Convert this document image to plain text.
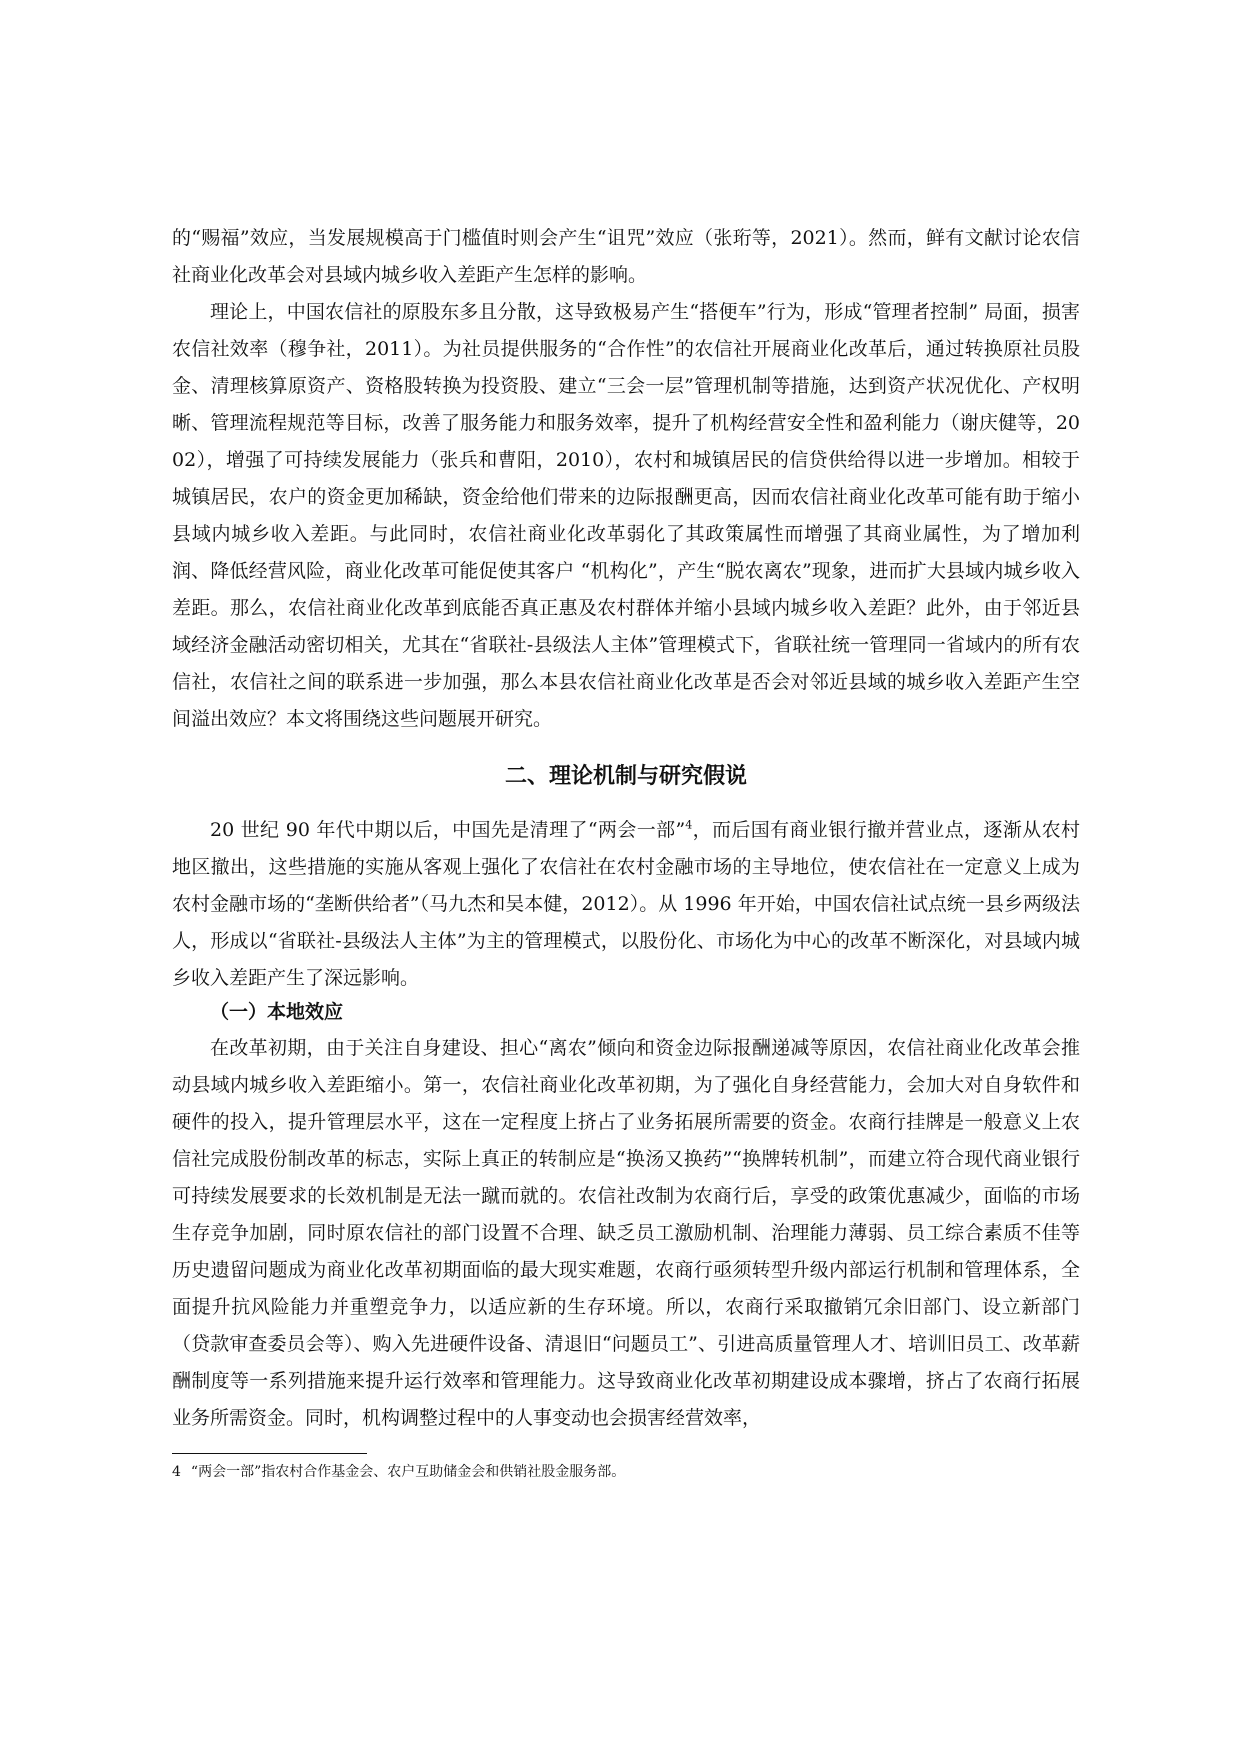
的“赐福”效应，当发展规模高于门槛值时则会产生“诅咒”效应（张珩等，2021）。然而，鲜有文献讨论农信社商业化改革会对县域内城乡收入差距产生怎样的影响。

理论上，中国农信社的原股东多且分散，这导致极易产生“搭便车”行为，形成“管理者控制” 局面，损害农信社效率（穆争社，2011）。为社员提供服务的“合作性”的农信社开展商业化改革后，通过转换原社员股金、清理核算原资产、资格股转换为投资股、建立“三会一层”管理机制等措施，达到资产状况优化、产权明晰、管理流程规范等目标，改善了服务能力和服务效率，提升了机构经营安全性和盈利能力（谢庆健等，2002），增强了可持续发展能力（张兵和曹阳，2010），农村和城镇居民的信贷供给得以进一步增加。相较于城镇居民，农户的资金更加稀缺，资金给他们带来的边际报酬更高，因而农信社商业化改革可能有助于缩小县域内城乡收入差距。与此同时，农信社商业化改革弱化了其政策属性而增强了其商业属性，为了增加利润、降低经营风险，商业化改革可能促使其客户 “机构化”，产生“脱农离农”现象，进而扩大县域内城乡收入差距。那么，农信社商业化改革到底能否真正惠及农村群体并缩小县域内城乡收入差距？此外，由于邻近县域经济金融活动密切相关，尤其在“省联社-县级法人主体”管理模式下，省联社统一管理同一省域内的所有农信社，农信社之间的联系进一步加强，那么本县农信社商业化改革是否会对邻近县域的城乡收入差距产生空间溢出效应？本文将围绕这些问题展开研究。

二、理论机制与研究假说

20 世纪 90 年代中期以后，中国先是清理了“两会一部”$^4$，而后国有商业银行撤并营业点，逐渐从农村地区撤出，这些措施的实施从客观上强化了农信社在农村金融市场的主导地位，使农信社在一定意义上成为农村金融市场的“垄断供给者”（马九杰和吴本健，2012）。从 1996 年开始，中国农信社试点统一县乡两级法人，形成以“省联社-县级法人主体”为主的管理模式，以股份化、市场化为中心的改革不断深化，对县域内城乡收入差距产生了深远影响。

（一）本地效应

在改革初期，由于关注自身建设、担心“离农”倾向和资金边际报酬递减等原因，农信社商业化改革会推动县域内城乡收入差距缩小。第一，农信社商业化改革初期，为了强化自身经营能力，会加大对自身软件和硬件的投入，提升管理层水平，这在一定程度上挤占了业务拓展所需要的资金。农商行挂牌是一般意义上农信社完成股份制改革的标志，实际上真正的转制应是“换汤又换药”“换牌转机制”，而建立符合现代商业银行可持续发展要求的长效机制是无法一蹴而就的。农信社改制为农商行后，享受的政策优惠减少，面临的市场生存竞争加剧，同时原农信社的部门设置不合理、缺乏员工激励机制、治理能力薄弱、员工综合素质不佳等历史遗留问题成为商业化改革初期面临的最大现实难题，农商行亟须转型升级内部运行机制和管理体系，全面提升抗风险能力并重塑竞争力，以适应新的生存环境。所以，农商行采取撤销冗余旧部门、设立新部门（贷款审查委员会等）、购入先进硬件设备、清退旧“问题员工”、引进高质量管理人才、培训旧员工、改革薪酬制度等一系列措施来提升运行效率和管理能力。这导致商业化改革初期建设成本骤增，挤占了农商行拓展业务所需资金。同时，机构调整过程中的人事变动也会损害经营效率，

4 “两会一部”指农村合作基金会、农户互助储金会和供销社股金服务部。
